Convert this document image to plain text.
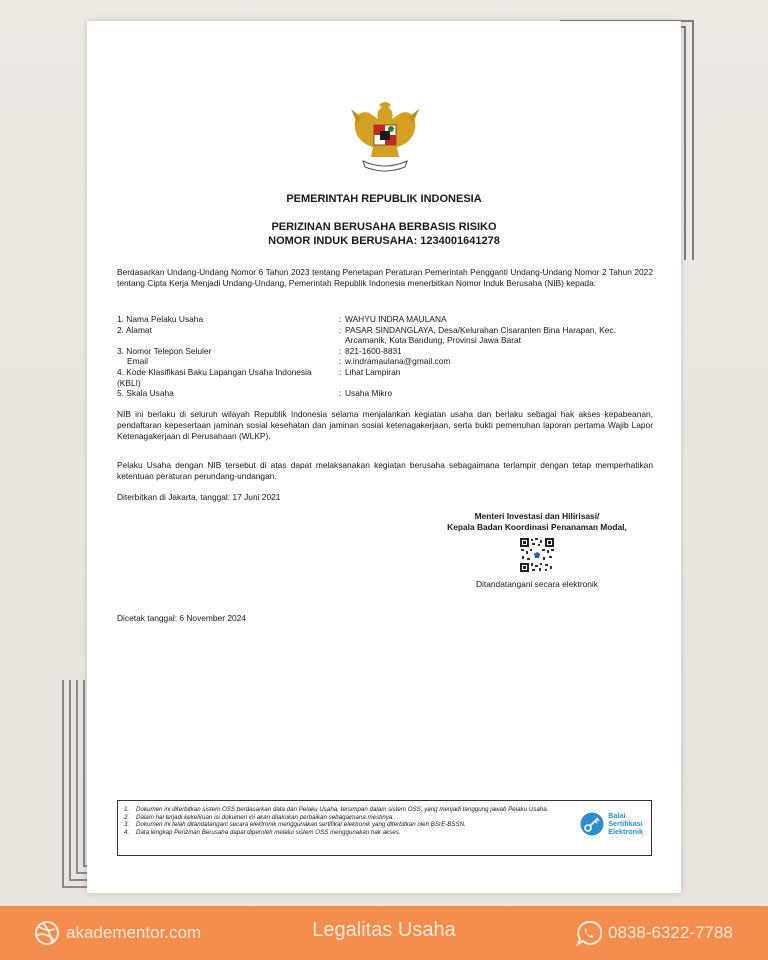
PEMERINTAH REPUBLIK INDONESIA
PERIZINAN BERUSAHA BERBASIS RISIKO
NOMOR INDUK BERUSAHA: 1234001641278
Berdasarkan Undang-Undang Nomor 6 Tahun 2023 tentang Penetapan Peraturan Pemerintah Pengganti Undang-Undang Nomor 2 Tahun 2022 tentang Cipta Kerja Menjadi Undang-Undang, Pemerintah Republik Indonesia menerbitkan Nomor Induk Berusaha (NIB) kepada:
1. Nama Pelaku Usaha	: WAHYU INDRA MAULANA
2. Alamat	: PASAR SINDANGLAYA, Desa/Kelurahan Cisaranten Bina Harapan, Kec. Arcamanik, Kota Bandung, Provinsi Jawa Barat
3. Nomor Telepon Seluler	: 821-1600-8831
Email	: w.indramaulana@gmail.com
4. Kode Klasifikasi Baku Lapangan Usaha Indonesia (KBLI)
: Lihat Lampiran
5. Skala Usaha	: Usaha Mikro
NIB ini berlaku di seluruh wilayah Republik Indonesia selama menjalankan kegiatan usaha dan berlaku sebagai hak akses kepabeanan, pendaftaran kepesertaan jaminan sosial kesehatan dan jaminan sosial ketenagakerjaan, serta bukti pemenuhan laporan pertama Wajib Lapor Ketenagakerjaan di Perusahaan (WLKP).
Pelaku Usaha dengan NIB tersebut di atas dapat melaksanakan kegiatan berusaha sebagaimana terlampir dengan tetap memperhatikan ketentuan peraturan perundang-undangan.
Diterbitkan di Jakarta, tanggal: 17 Juni 2021
Menteri Investasi dan Hilirisasi/
Kepala Badan Koordinasi Penanaman Modal,
Ditandatangani secara elektronik
Dicetak tanggal: 6 November 2024
1.	Dokumen ini diterbitkan sistem OSS berdasarkan data dari Pelaku Usaha, tersimpan dalam sistem OSS, yang menjadi tanggung jawab Pelaku Usaha.
2.	Dalam hal terjadi kekeliruan isi dokumen ini akan dilakukan perbaikan sebagaimana mestinya.
3.	Dokumen ini telah ditandatangani secara elektronik menggunakan sertifikat elektronik yang diterbitkan oleh BSrE-BSSN.
4.	Data lengkap Perizinan Berusaha dapat diperoleh melalui sistem OSS menggunakan hak akses.
Balai
Sertifikasi
Elektronik
akadementor.com	Legalitas Usaha	0838-6322-7788
